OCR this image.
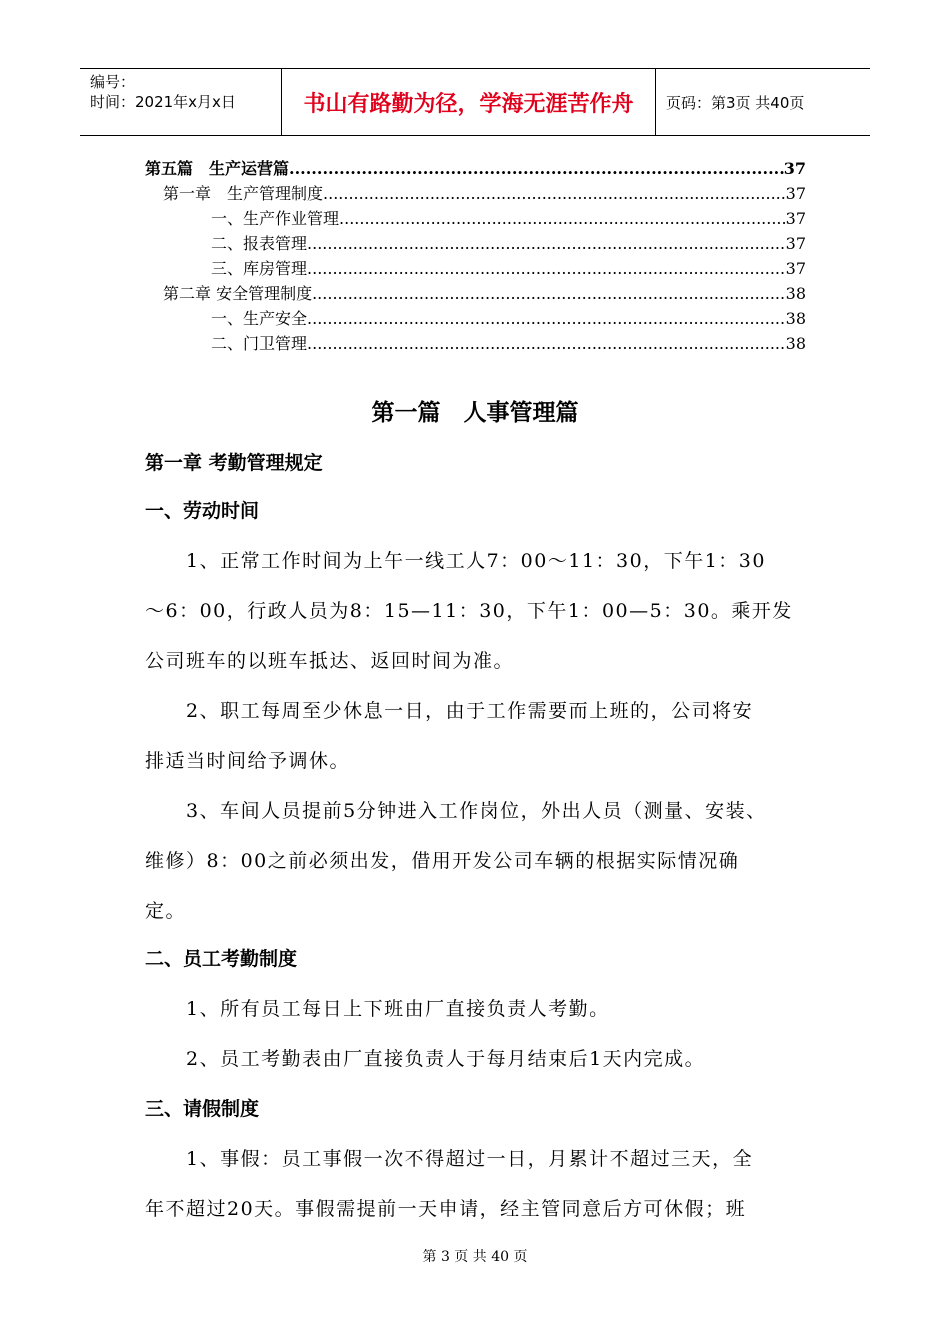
编号：
时间：2021年x月x日	书山有路勤为径，学海无涯苦作舟	页码：第3页 共40页
第五篇　生产运营篇 .....	37
第一章　生产管理制度 .....	37
一、生产作业管理 .....	37
二、报表管理 .....	37
三、库房管理 .....	37
第二章 安全管理制度 .....	38
一、生产安全 .....	38
二、门卫管理 .....	38
第一篇　人事管理篇
第一章 考勤管理规定
一、劳动时间
　　1、正常工作时间为上午一线工人7：00～11：30，下午1：30
～6：00，行政人员为8：15—11：30，下午1：00—5：30。乘开发
公司班车的以班车抵达、返回时间为准。
　　2、职工每周至少休息一日，由于工作需要而上班的，公司将安
排适当时间给予调休。
　　3、车间人员提前5分钟进入工作岗位，外出人员（测量、安装、
维修）8：00之前必须出发，借用开发公司车辆的根据实际情况确
定。
二、员工考勤制度
　　1、所有员工每日上下班由厂直接负责人考勤。
　　2、员工考勤表由厂直接负责人于每月结束后1天内完成。
三、请假制度
　　1、事假：员工事假一次不得超过一日，月累计不超过三天，全
年不超过20天。事假需提前一天申请，经主管同意后方可休假；班
第 3 页 共 40 页
